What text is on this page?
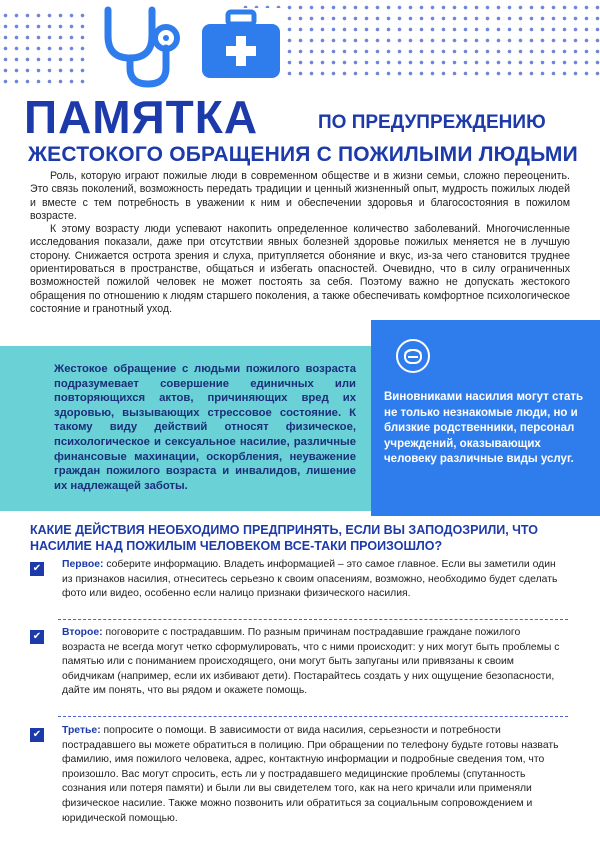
ПАМЯТКА	ПО ПРЕДУПРЕЖДЕНИЮ
ЖЕСТОКОГО ОБРАЩЕНИЯ С ПОЖИЛЫМИ ЛЮДЬМИ

Роль, которую играют пожилые люди в современном обществе и в жизни семьи, сложно переоценить. Это связь поколений, возможность передать традиции и ценный жизненный опыт, мудрость пожилых людей и вместе с тем потребность в уважении к ним и обеспечении здоровья и благосостояния в пожилом возрасте.

К этому возрасту люди успевают накопить определенное количество заболеваний. Многочисленные исследования показали, даже при отсутствии явных болезней здоровье пожилых меняется не в лучшую сторону. Снижается острота зрения и слуха, притупляется обоняние и вкус, из-за чего становится труднее ориентироваться в пространстве, общаться и избегать опасностей. Очевидно, что в силу ограниченных возможностей пожилой человек не может постоять за себя. Поэтому важно не допускать жестокого обращения по отношению к людям старшего поколения, а также обеспечивать комфортное психологическое состояние и гранотный уход.

Жестокое обращение с людьми пожилого возраста подразумевает совершение единичных или повторяющихся актов, причиняющих вред их здоровью, вызывающих стрессовое состояние. К такому виду действий относят физическое, психологическое и сексуальное насилие, различные финансовые махинации, оскорбления, неуважение граждан пожилого возраста и инвалидов, лишение их надлежащей заботы.
Виновниками насилия могут стать не только незнакомые люди, но и близкие родственники, персонал учреждений, оказывающих человеку различные виды услуг.
КАКИЕ ДЕЙСТВИЯ НЕОБХОДИМО ПРЕДПРИНЯТЬ, ЕСЛИ ВЫ ЗАПОДОЗРИЛИ, ЧТО НАСИЛИЕ НАД ПОЖИЛЫМ ЧЕЛОВЕКОМ ВСЕ-ТАКИ ПРОИЗОШЛО?
✔ Первое: соберите информацию. Владеть информацией – это самое главное. Если вы заметили один из признаков насилия, отнеситесь серьезно к своим опасениям, возможно, необходимо будет сделать фото или видео, особенно если налицо признаки физического насилия.
✔ Второе: поговорите с пострадавшим. По разным причинам пострадавшие граждане пожилого возраста не всегда могут четко сформулировать, что с ними происходит: у них могут быть проблемы с памятью или с пониманием происходящего, они могут быть запуганы или привязаны к своим обидчикам (например, если их избивают дети). Постарайтесь создать у них ощущение безопасности, дайте им понять, что вы рядом и окажете помощь.
✔ Третье: попросите о помощи. В зависимости от вида насилия, серьезности и потребности пострадавшего вы можете обратиться в полицию. При обращении по телефону будьте готовы назвать фамилию, имя пожилого человека, адрес, контактную информации и подробные сведения том, что произошло. Вас могут спросить, есть ли у пострадавшего медицинские проблемы (спутанность сознания или потеря памяти) и были ли вы свидетелем того, как на него кричали или применяли физическое насилие. Также можно позвонить или обратиться за социальным сопровождением и юридической помощью.
